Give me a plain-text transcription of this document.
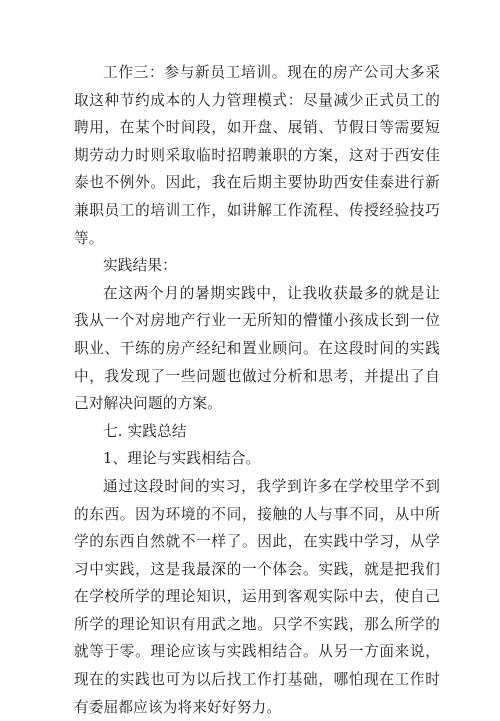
工作三：参与新员工培训。现在的房产公司大多采取这种节约成本的人力管理模式：尽量减少正式员工的聘用，在某个时间段，如开盘、展销、节假日等需要短期劳动力时则采取临时招聘兼职的方案，这对于西安佳泰也不例外。因此，我在后期主要协助西安佳泰进行新兼职员工的培训工作，如讲解工作流程、传授经验技巧等。

实践结果：

在这两个月的暑期实践中，让我收获最多的就是让我从一个对房地产行业一无所知的懵懂小孩成长到一位职业、干练的房产经纪和置业顾问。在这段时间的实践中，我发现了一些问题也做过分析和思考，并提出了自己对解决问题的方案。

七. 实践总结

1、理论与实践相结合。

通过这段时间的实习，我学到许多在学校里学不到的东西。因为环境的不同，接触的人与事不同，从中所学的东西自然就不一样了。因此，在实践中学习，从学习中实践，这是我最深的一个体会。实践，就是把我们在学校所学的理论知识，运用到客观实际中去，使自己所学的理论知识有用武之地。只学不实践，那么所学的就等于零。理论应该与实践相结合。从另一方面来说，现在的实践也可为以后找工作打基础，哪怕现在工作时有委屈都应该为将来好好努力。
